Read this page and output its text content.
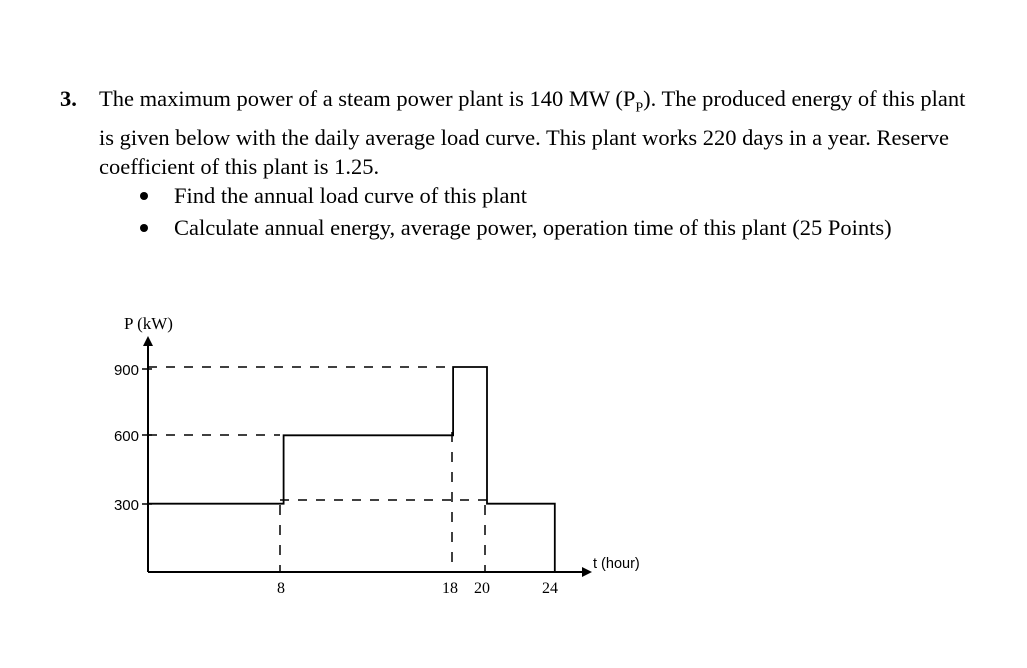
3. The maximum power of a steam power plant is 140 MW $(P_P)$. The produced energy of this plant is given below with the daily average load curve. This plant works 220 days in a year. Reserve coefficient of this plant is 1.25.
Find the annual load curve of this plant
Calculate annual energy, average power, operation time of this plant (25 Points)
P (kW)
t (hour)
900
600
300
8	18 20	24
